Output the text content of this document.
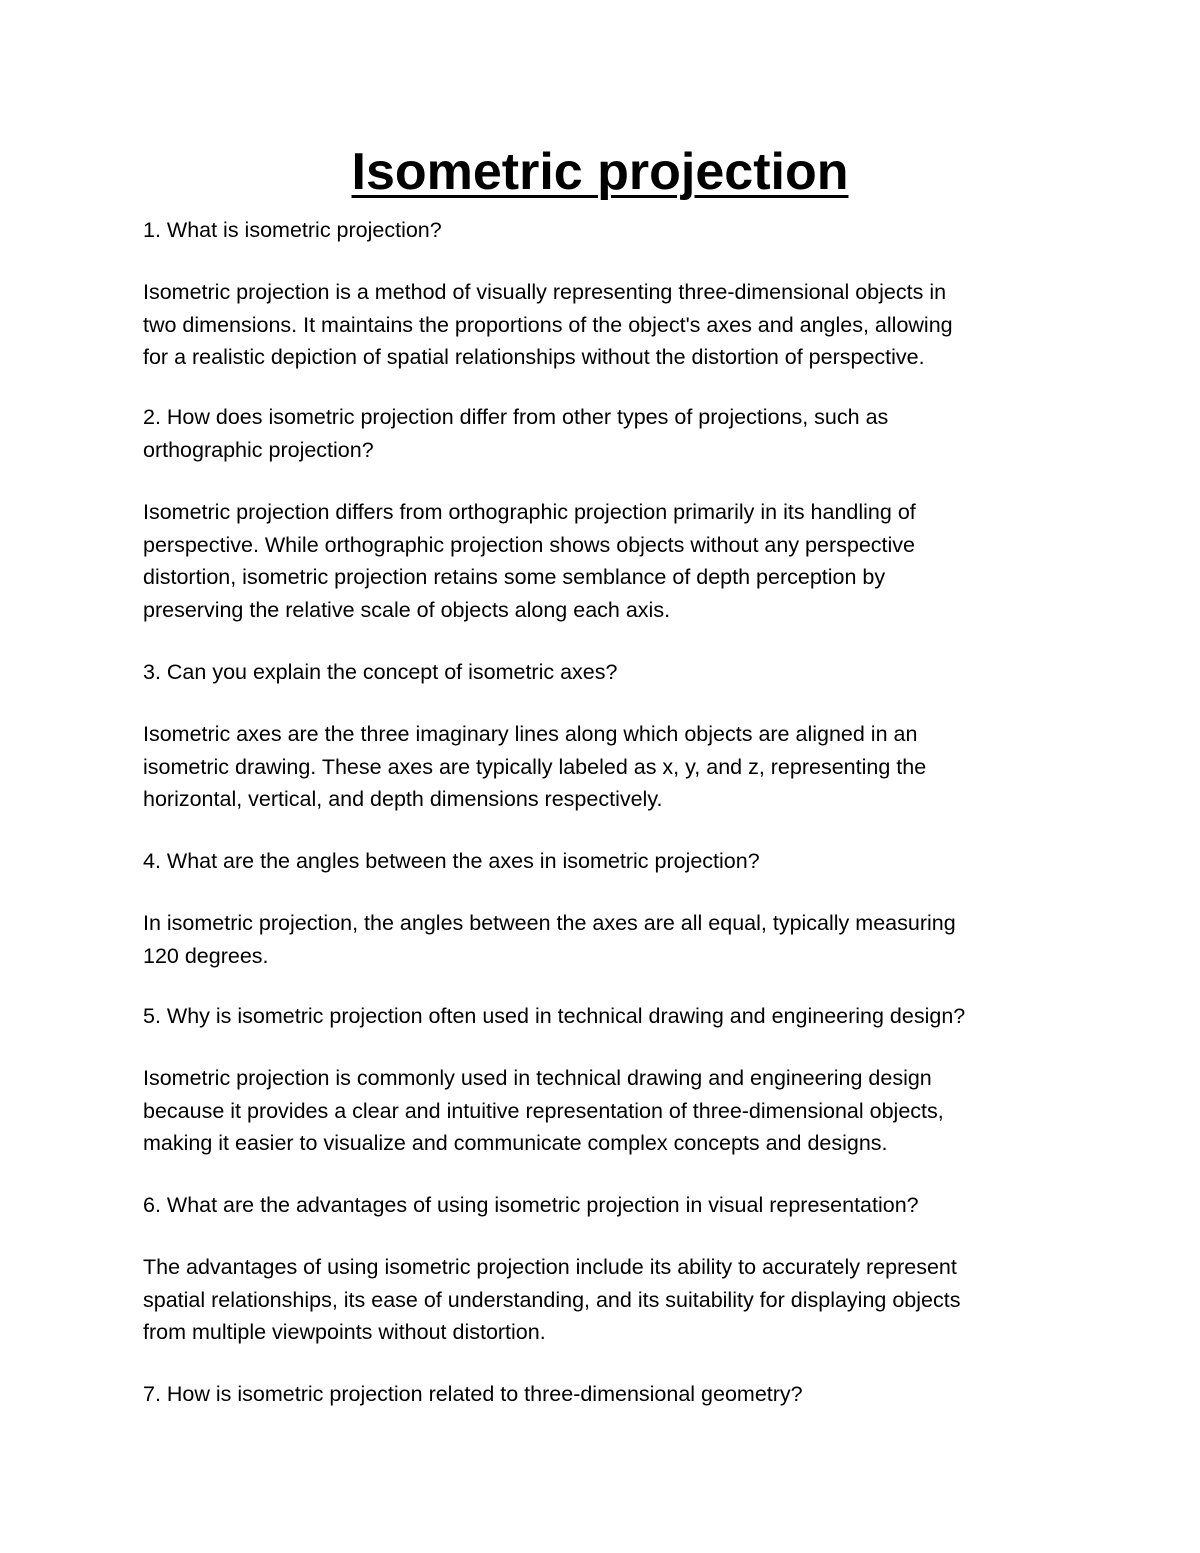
Isometric projection

1. What is isometric projection?

Isometric projection is a method of visually representing three-dimensional objects in
two dimensions. It maintains the proportions of the object's axes and angles, allowing
for a realistic depiction of spatial relationships without the distortion of perspective.

2. How does isometric projection differ from other types of projections, such as
orthographic projection?

Isometric projection differs from orthographic projection primarily in its handling of
perspective. While orthographic projection shows objects without any perspective
distortion, isometric projection retains some semblance of depth perception by
preserving the relative scale of objects along each axis.

3. Can you explain the concept of isometric axes?

Isometric axes are the three imaginary lines along which objects are aligned in an
isometric drawing. These axes are typically labeled as x, y, and z, representing the
horizontal, vertical, and depth dimensions respectively.

4. What are the angles between the axes in isometric projection?

In isometric projection, the angles between the axes are all equal, typically measuring
120 degrees.

5. Why is isometric projection often used in technical drawing and engineering design?

Isometric projection is commonly used in technical drawing and engineering design
because it provides a clear and intuitive representation of three-dimensional objects,
making it easier to visualize and communicate complex concepts and designs.

6. What are the advantages of using isometric projection in visual representation?

The advantages of using isometric projection include its ability to accurately represent
spatial relationships, its ease of understanding, and its suitability for displaying objects
from multiple viewpoints without distortion.

7. How is isometric projection related to three-dimensional geometry?
